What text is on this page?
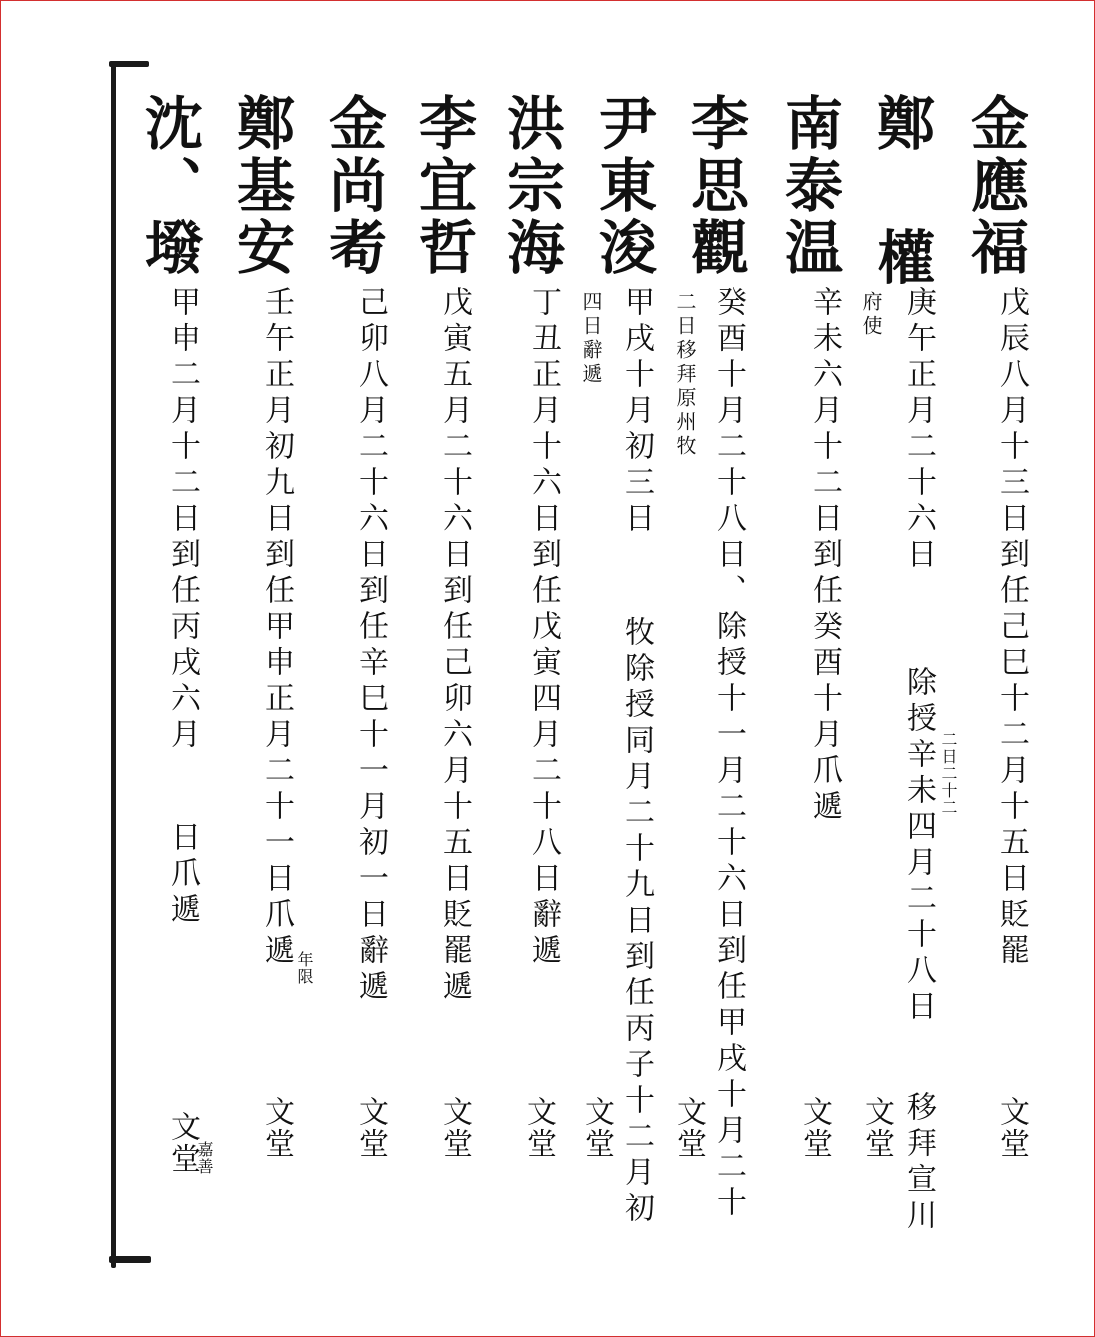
金應福
戊辰八月十三日到任己巳十二月十五日貶罷
文堂
鄭 權
府使 庚午正月二十六日
除授辛未四月二十八日 二日二十二
移拜宣川
文堂
南泰温
辛未六月十二日到任癸酉十月爪遞
文堂
李思觀
癸酉十月二十八日、除授十一月二十六日到任甲戌十月二十
二日移拜原州牧
文堂
尹東浚
甲戌十月初三日
四日辭遞
牧除授同月二十九日到任丙子十二月初
文堂
洪宗海
丁丑正月十六日到任戊寅四月二十八日辭遞
文堂
李宜哲
戊寅五月二十六日到任己卯六月十五日貶罷遞
文堂
金尚耇
己卯八月二十六日到任辛巳十一月初一日辭遞
文堂
鄭基安
壬午正月初九日到任甲申正月二十一日爪遞 年限
文堂
沈、墢
甲申二月十二日到任丙戌六月
日爪遞
文堂
嘉善
